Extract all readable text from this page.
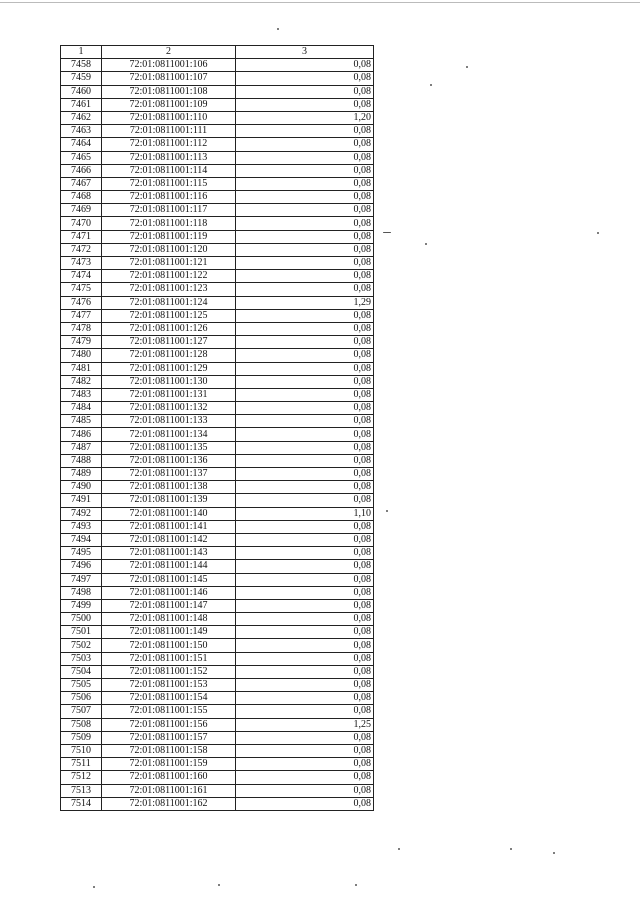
1	2	3
7458	72:01:0811001:106	0,08
7459	72:01:0811001:107	0,08
7460	72:01:0811001:108	0,08
7461	72:01:0811001:109	0,08
7462	72:01:0811001:110	1,20
7463	72:01:0811001:111	0,08
7464	72:01:0811001:112	0,08
7465	72:01:0811001:113	0,08
7466	72:01:0811001:114	0,08
7467	72:01:0811001:115	0,08
7468	72:01:0811001:116	0,08
7469	72:01:0811001:117	0,08
7470	72:01:0811001:118	0,08
7471	72:01:0811001:119	0,08
7472	72:01:0811001:120	0,08
7473	72:01:0811001:121	0,08
7474	72:01:0811001:122	0,08
7475	72:01:0811001:123	0,08
7476	72:01:0811001:124	1,29
7477	72:01:0811001:125	0,08
7478	72:01:0811001:126	0,08
7479	72:01:0811001:127	0,08
7480	72:01:0811001:128	0,08
7481	72:01:0811001:129	0,08
7482	72:01:0811001:130	0,08
7483	72:01:0811001:131	0,08
7484	72:01:0811001:132	0,08
7485	72:01:0811001:133	0,08
7486	72:01:0811001:134	0,08
7487	72:01:0811001:135	0,08
7488	72:01:0811001:136	0,08
7489	72:01:0811001:137	0,08
7490	72:01:0811001:138	0,08
7491	72:01:0811001:139	0,08
7492	72:01:0811001:140	1,10
7493	72:01:0811001:141	0,08
7494	72:01:0811001:142	0,08
7495	72:01:0811001:143	0,08
7496	72:01:0811001:144	0,08
7497	72:01:0811001:145	0,08
7498	72:01:0811001:146	0,08
7499	72:01:0811001:147	0,08
7500	72:01:0811001:148	0,08
7501	72:01:0811001:149	0,08
7502	72:01:0811001:150	0,08
7503	72:01:0811001:151	0,08
7504	72:01:0811001:152	0,08
7505	72:01:0811001:153	0,08
7506	72:01:0811001:154	0,08
7507	72:01:0811001:155	0,08
7508	72:01:0811001:156	1,25
7509	72:01:0811001:157	0,08
7510	72:01:0811001:158	0,08
7511	72:01:0811001:159	0,08
7512	72:01:0811001:160	0,08
7513	72:01:0811001:161	0,08
7514	72:01:0811001:162	0,08
